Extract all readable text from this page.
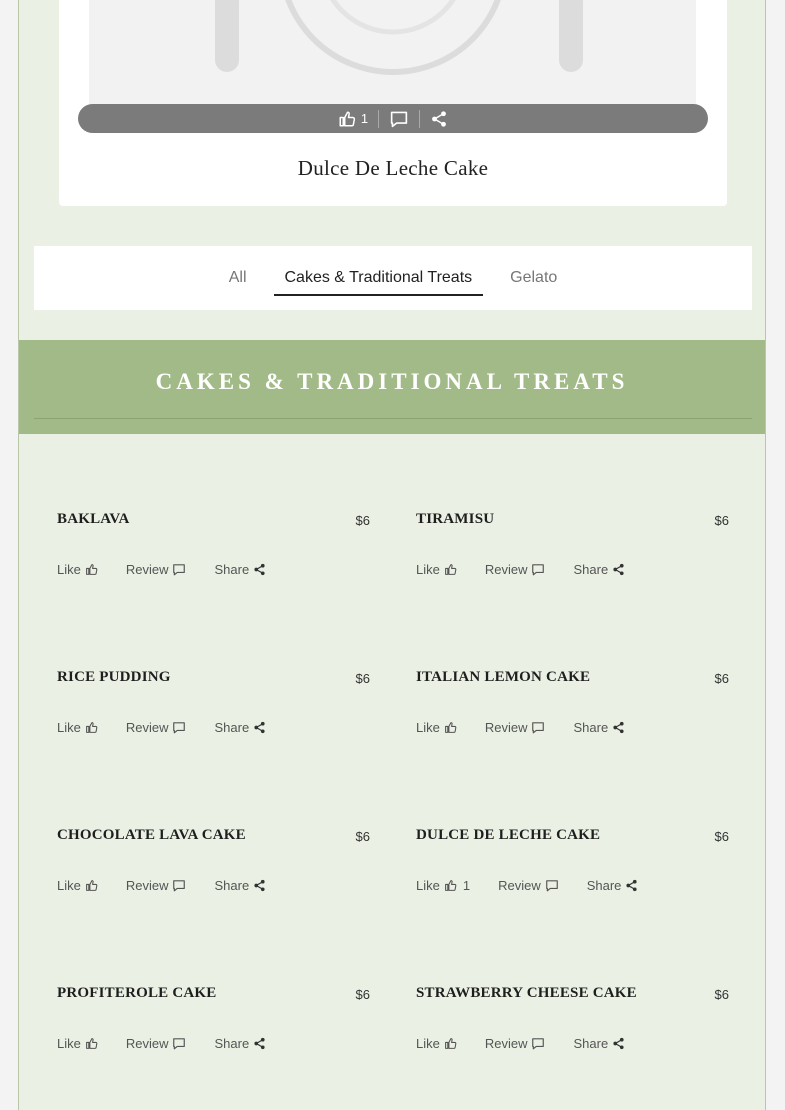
1
Dulce De Leche Cake
All	Cakes & Traditional Treats	Gelato
CAKES & TRADITIONAL TREATS
BAKLAVA	$6
Like	Review	Share
TIRAMISU	$6
Like	Review	Share
RICE PUDDING	$6
Like	Review	Share
ITALIAN LEMON CAKE	$6
Like	Review	Share
CHOCOLATE LAVA CAKE	$6
Like	Review	Share
DULCE DE LECHE CAKE	$6
Like 1 Review	Share
PROFITEROLE CAKE	$6
Like	Review	Share
STRAWBERRY CHEESE CAKE	$6
Like	Review	Share
